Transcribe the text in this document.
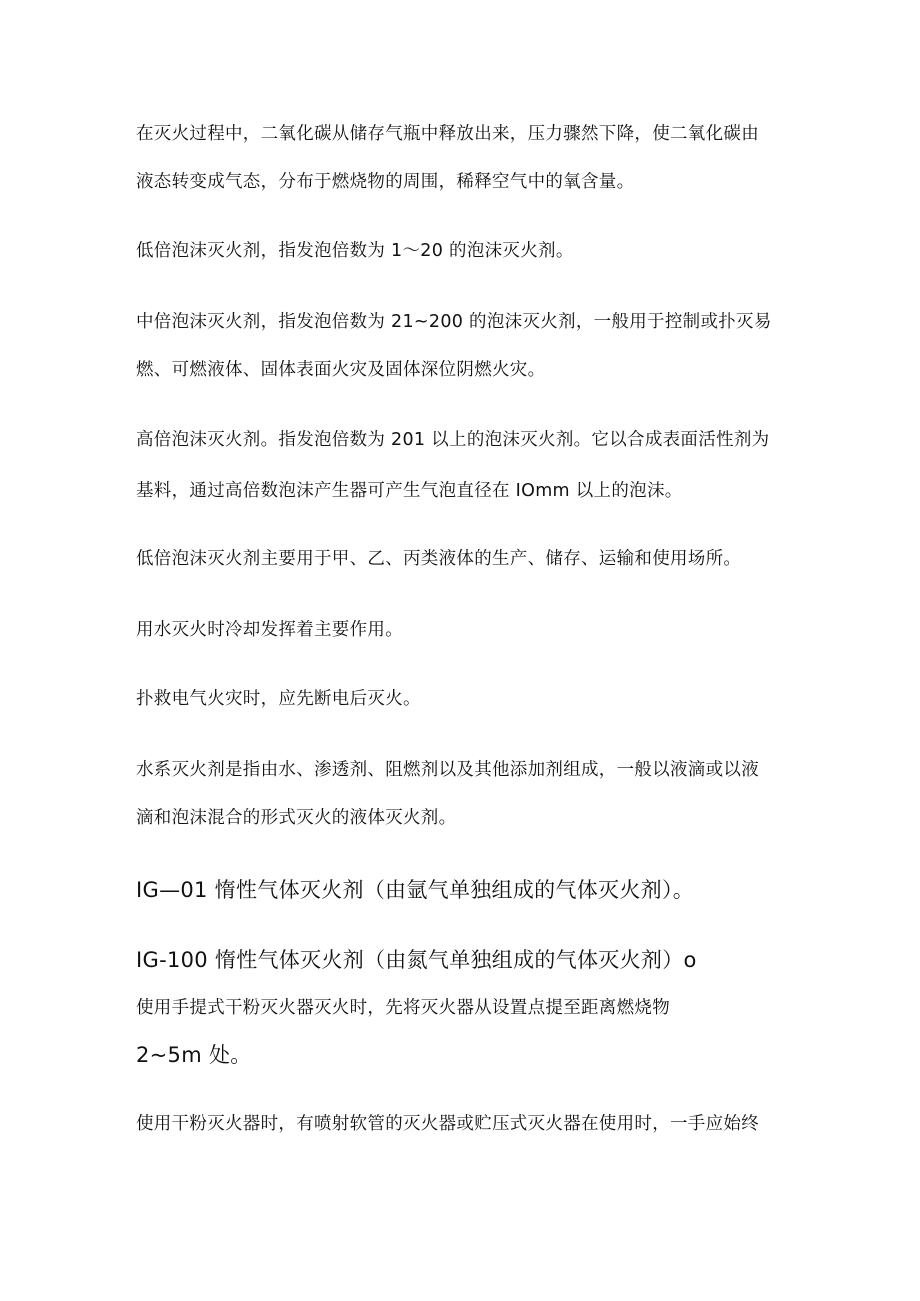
在灭火过程中，二氧化碳从储存气瓶中释放出来，压力骤然下降，使二氧化碳由
液态转变成气态，分布于燃烧物的周围，稀释空气中的氧含量。
低倍泡沫灭火剂，指发泡倍数为 1～20 的泡沫灭火剂。
中倍泡沫灭火剂，指发泡倍数为 21~200 的泡沫灭火剂，一般用于控制或扑灭易
燃、可燃液体、固体表面火灾及固体深位阴燃火灾。
高倍泡沫灭火剂。指发泡倍数为 201 以上的泡沫灭火剂。它以合成表面活性剂为
基料，通过高倍数泡沫产生器可产生气泡直径在 IOmm 以上的泡沫。
低倍泡沫灭火剂主要用于甲、乙、丙类液体的生产、储存、运输和使用场所。
用水灭火时冷却发挥着主要作用。
扑救电气火灾时，应先断电后灭火。
水系灭火剂是指由水、渗透剂、阻燃剂以及其他添加剂组成，一般以液滴或以液
滴和泡沫混合的形式灭火的液体灭火剂。
IG—01 惰性气体灭火剂（由氩气单独组成的气体灭火剂）。
IG-100 惰性气体灭火剂（由氮气单独组成的气体灭火剂）o
使用手提式干粉灭火器灭火时，先将灭火器从设置点提至距离燃烧物
2~5m 处。
使用干粉灭火器时，有喷射软管的灭火器或贮压式灭火器在使用时，一手应始终
